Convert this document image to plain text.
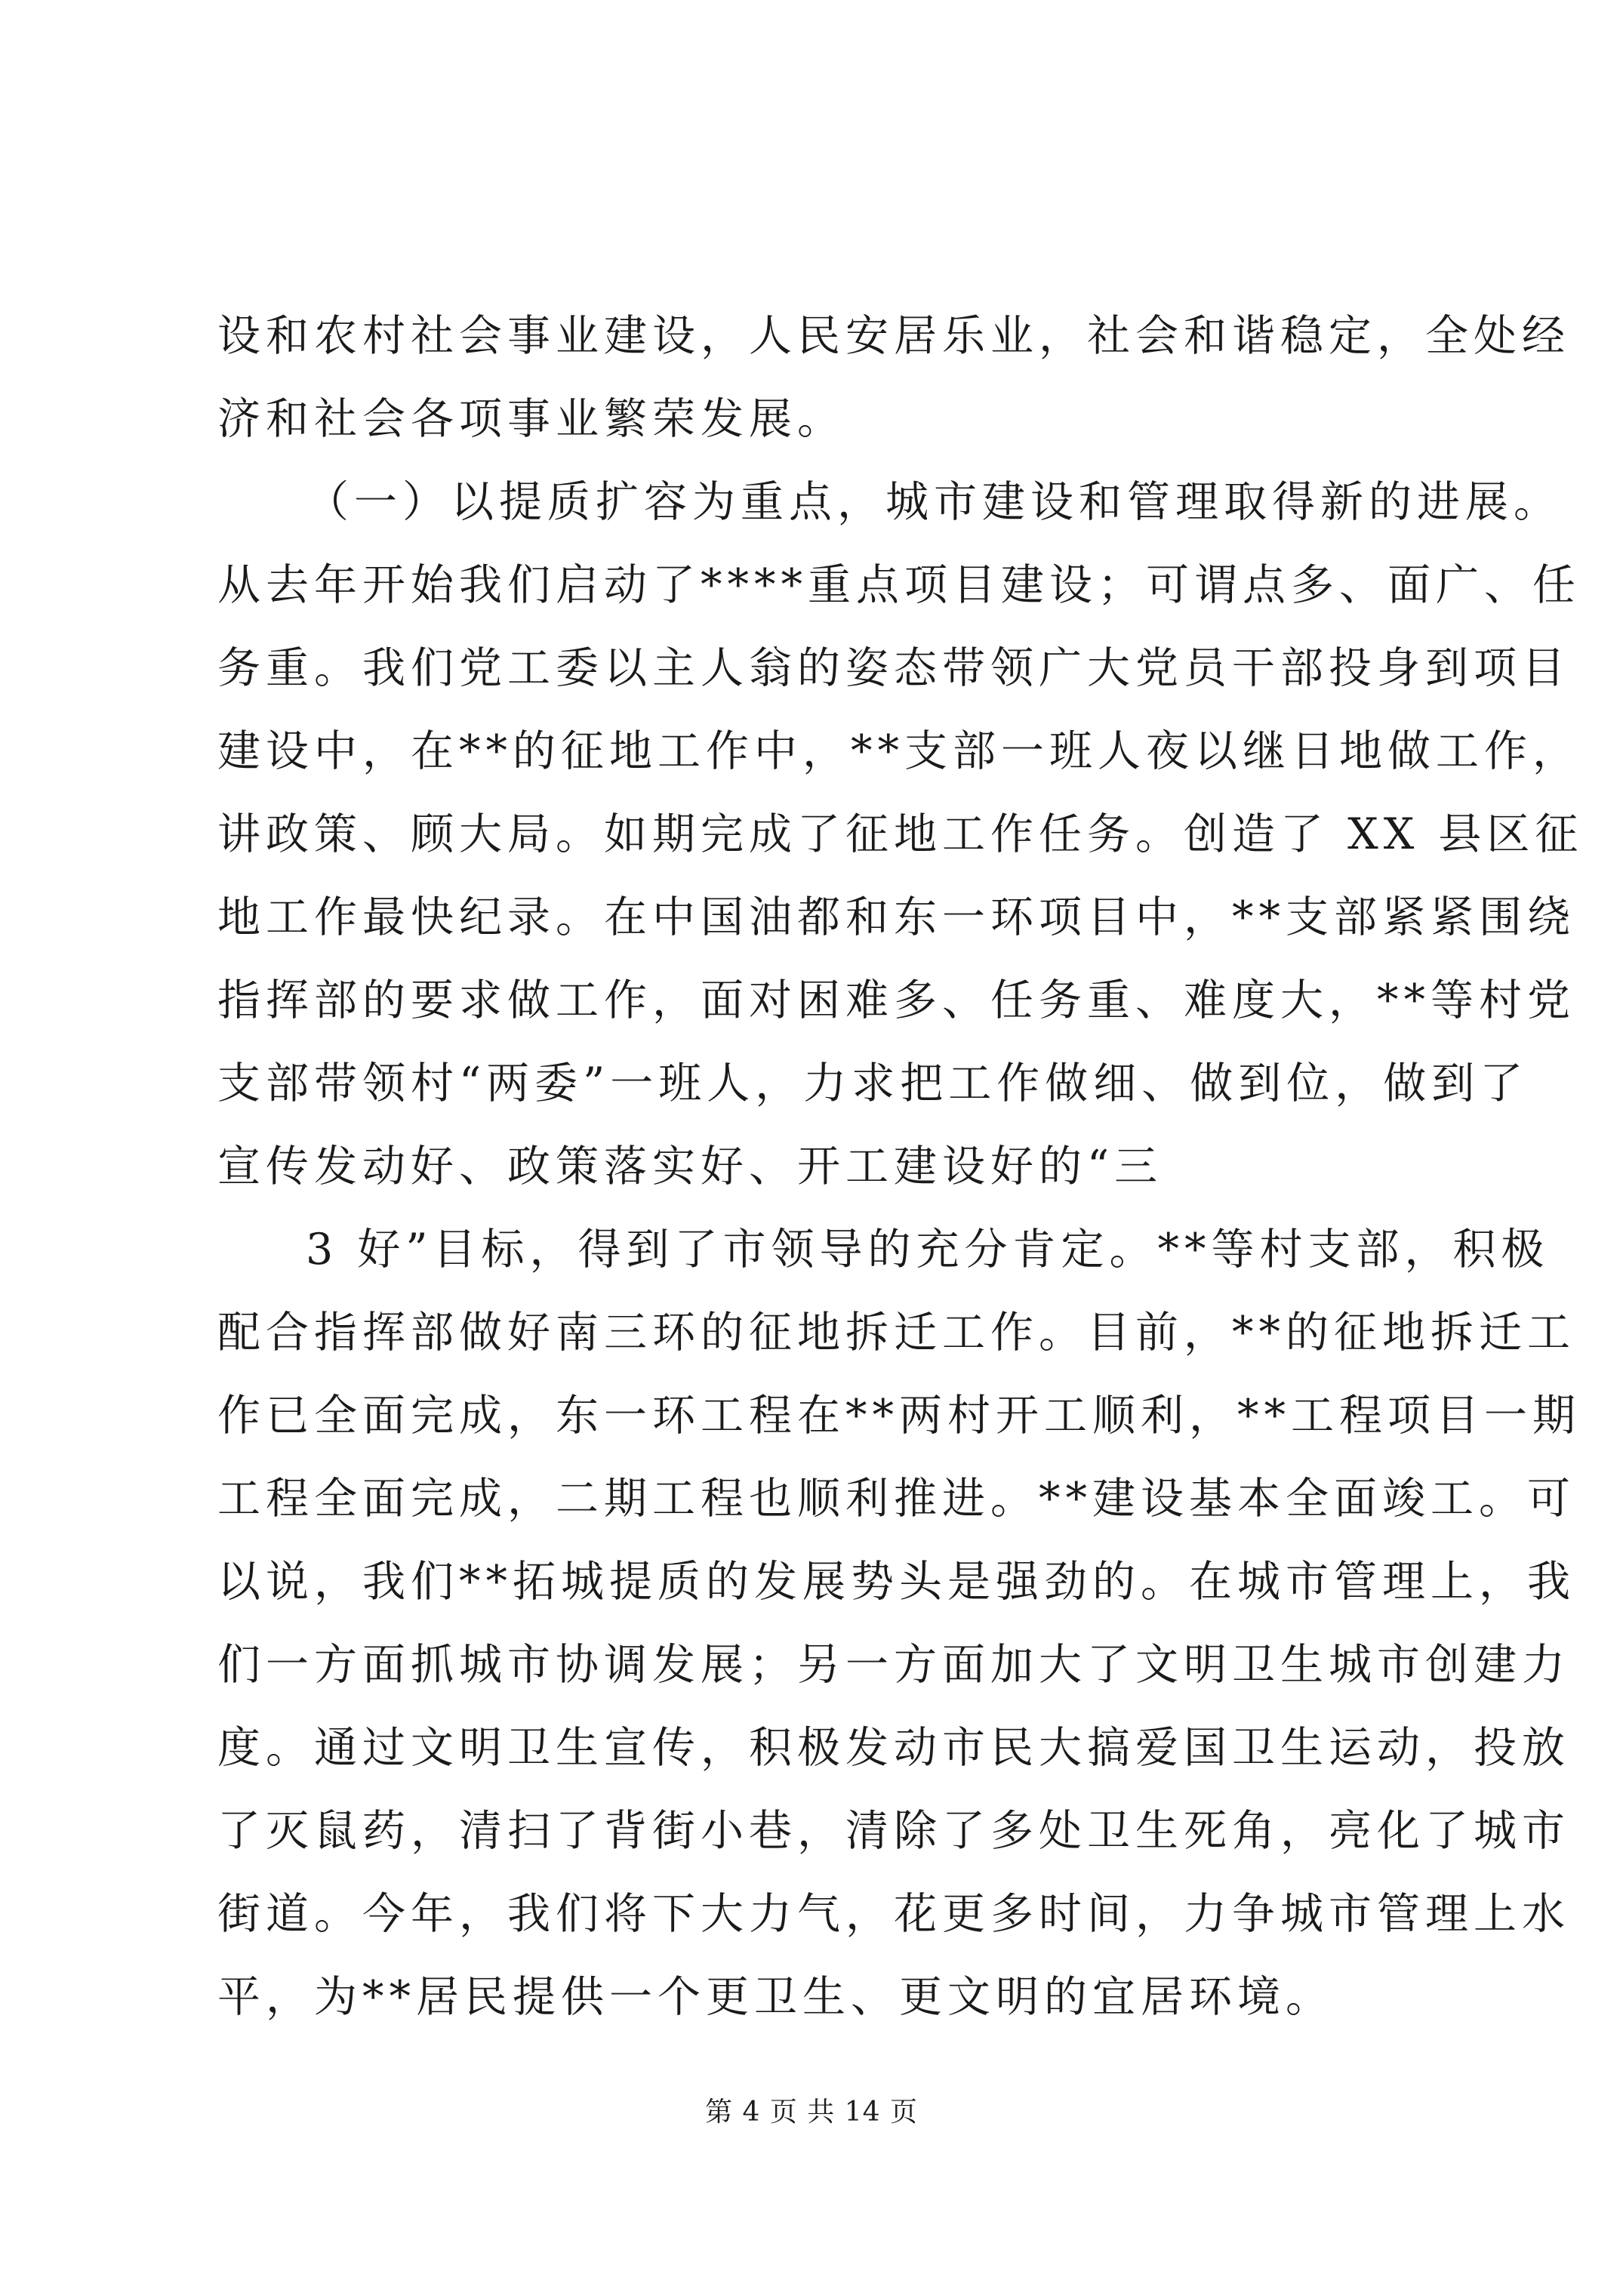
设和农村社会事业建设，人民安居乐业，社会和谐稳定，全处经
济和社会各项事业繁荣发展。
（一）以提质扩容为重点，城市建设和管理取得新的进展。
从去年开始我们启动了****重点项目建设；可谓点多、面广、任
务重。我们党工委以主人翁的姿态带领广大党员干部投身到项目
建设中，在**的征地工作中，**支部一班人夜以继日地做工作，
讲政策、顾大局。如期完成了征地工作任务。创造了 XX 县区征
地工作最快纪录。在中国油都和东一环项目中，**支部紧紧围绕
指挥部的要求做工作，面对困难多、任务重、难度大，**等村党
支部带领村“两委”一班人，力求把工作做细、做到位，做到了
宣传发动好、政策落实好、开工建设好的“三
3 好”目标，得到了市领导的充分肯定。**等村支部，积极
配合指挥部做好南三环的征地拆迁工作。目前，**的征地拆迁工
作已全面完成，东一环工程在**两村开工顺利，**工程项目一期
工程全面完成，二期工程也顺利推进。**建设基本全面竣工。可
以说，我们**拓城提质的发展势头是强劲的。在城市管理上，我
们一方面抓城市协调发展；另一方面加大了文明卫生城市创建力
度。通过文明卫生宣传，积极发动市民大搞爱国卫生运动，投放
了灭鼠药，清扫了背街小巷，清除了多处卫生死角，亮化了城市
街道。今年，我们将下大力气，花更多时间，力争城市管理上水
平，为**居民提供一个更卫生、更文明的宜居环境。
第 4 页 共 14 页
